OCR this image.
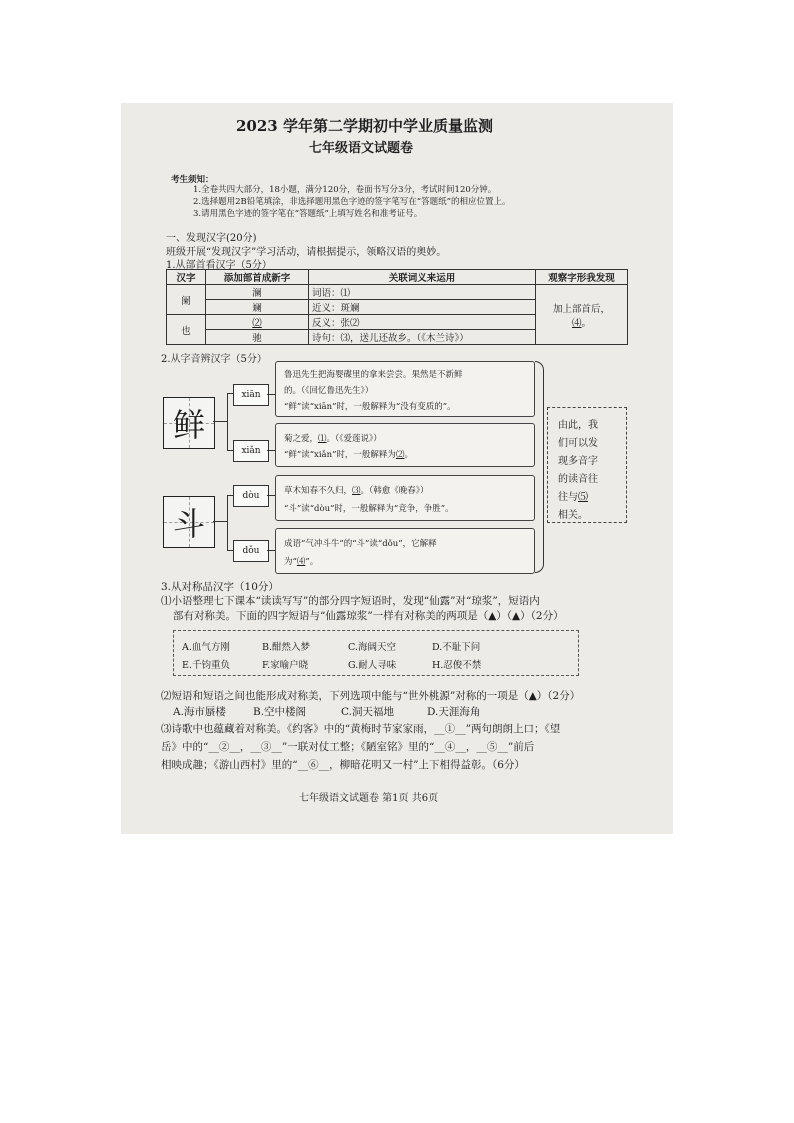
2023 学年第二学期初中学业质量监测
七年级语文试题卷
考生须知：
1.全卷共四大部分，18小题，满分120分，卷面书写分3分，考试时间120分钟。
2.选择题用2B铅笔填涂，非选择题用黑色字迹的签字笔写在“答题纸”的相应位置上。
3.请用黑色字迹的签字笔在“答题纸”上填写姓名和准考证号。
一、发现汉字(20分)
班级开展“发现汉字”学习活动，请根据提示，领略汉语的奥妙。
1.从部首看汉字（5分）
汉字	添加部首成新字	关联词义来运用	观察字形我发现
阑	澜	词语：⑴	加上部首后，
⑷。

	斓	近义：斑斓	
也	⑵	反义：张⑵	
	驰	诗句：⑶，送儿还故乡。（《木兰诗》）	
2.从字音辨汉字（5分）
鲜
斗
xiān
xiǎn
dòu
dǒu
鲁迅先生把海婴碟里的拿来尝尝。果然是不新鲜
的。（《回忆鲁迅先生》）
“鲜”读“xiān”时，一般解释为“没有变质的”。
菊之爱，⑴。（《爱莲说》）
“鲜”读“xiǎn”时，一般解释为⑵。
草木知春不久归，⑶。（韩愈《晚春》）
“斗”读“dòu”时，一般解释为“竞争，争胜”。
成语“气冲斗牛”的“斗”读“dǒu”，它解释
为“⑷”。
由此，我
们可以发
现多音字
的读音往
往与⑸
相关。
3.从对称品汉字（10分）
⑴小语整理七下课本“读读写写”的部分四字短语时，发现“仙露”对“琼浆”，短语内
部有对称美。下面的四字短语与“仙露琼浆”一样有对称美的两项是（▲）（▲）（2分）
A.血气方刚	B.酣然入梦	C.海阔天空	D.不耻下问
E.千钧重负	F.家喻户晓	G.耐人寻味	H.忍俊不禁
⑵短语和短语之间也能形成对称美，下列选项中能与“世外桃源”对称的一项是（▲）（2分）
A.海市蜃楼	B.空中楼阁	C.洞天福地	D.天涯海角
⑶诗歌中也蕴藏着对称美。《约客》中的“黄梅时节家家雨，__①__”两句朗朗上口；《望
岳》中的“__②__，__③__”一联对仗工整；《陋室铭》里的“__④__，__⑤__”前后
相映成趣；《游山西村》里的“__⑥__，柳暗花明又一村”上下相得益彰。（6分）
七年级语文试题卷 第1页 共6页
